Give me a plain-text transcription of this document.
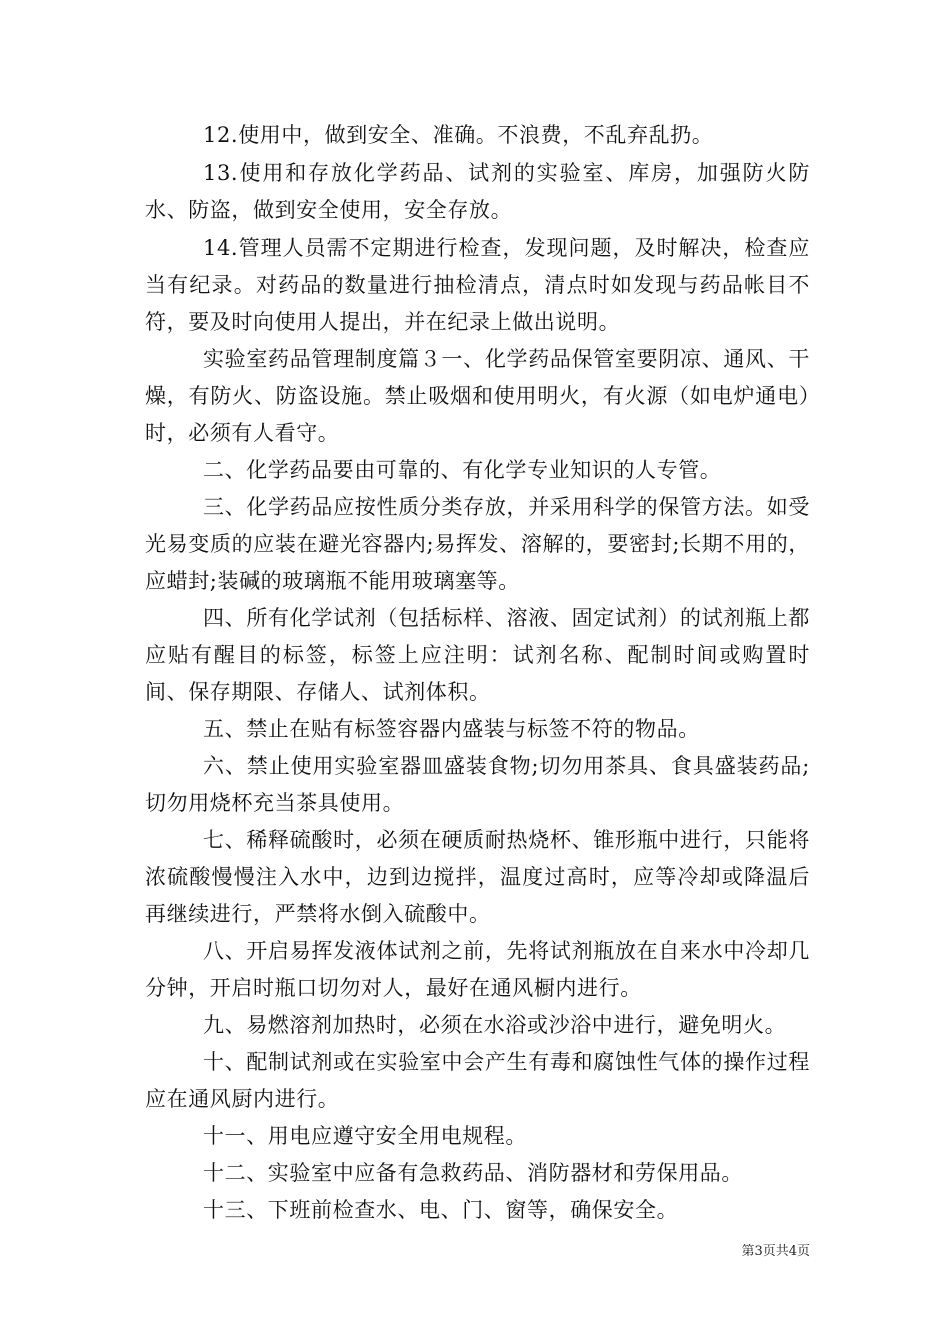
12.使用中，做到安全、准确。不浪费，不乱弃乱扔。

13.使用和存放化学药品、试剂的实验室、库房，加强防火防水、防盗，做到安全使用，安全存放。

14.管理人员需不定期进行检查，发现问题，及时解决，检查应当有纪录。对药品的数量进行抽检清点，清点时如发现与药品帐目不符，要及时向使用人提出，并在纪录上做出说明。

实验室药品管理制度篇３一、化学药品保管室要阴凉、通风、干燥，有防火、防盗设施。禁止吸烟和使用明火，有火源（如电炉通电）时，必须有人看守。

二、化学药品要由可靠的、有化学专业知识的人专管。

三、化学药品应按性质分类存放，并采用科学的保管方法。如受光易变质的应装在避光容器内;易挥发、溶解的，要密封;长期不用的，应蜡封;装碱的玻璃瓶不能用玻璃塞等。

四、所有化学试剂（包括标样、溶液、固定试剂）的试剂瓶上都应贴有醒目的标签，标签上应注明：试剂名称、配制时间或购置时间、保存期限、存储人、试剂体积。

五、禁止在贴有标签容器内盛装与标签不符的物品。

六、禁止使用实验室器皿盛装食物;切勿用茶具、食具盛装药品;切勿用烧杯充当茶具使用。

七、稀释硫酸时，必须在硬质耐热烧杯、锥形瓶中进行，只能将浓硫酸慢慢注入水中，边到边搅拌，温度过高时，应等冷却或降温后再继续进行，严禁将水倒入硫酸中。

八、开启易挥发液体试剂之前，先将试剂瓶放在自来水中冷却几分钟，开启时瓶口切勿对人，最好在通风橱内进行。

九、易燃溶剂加热时，必须在水浴或沙浴中进行，避免明火。

十、配制试剂或在实验室中会产生有毒和腐蚀性气体的操作过程应在通风厨内进行。

十一、用电应遵守安全用电规程。

十二、实验室中应备有急救药品、消防器材和劳保用品。

十三、下班前检查水、电、门、窗等，确保安全。

第3页共4页
